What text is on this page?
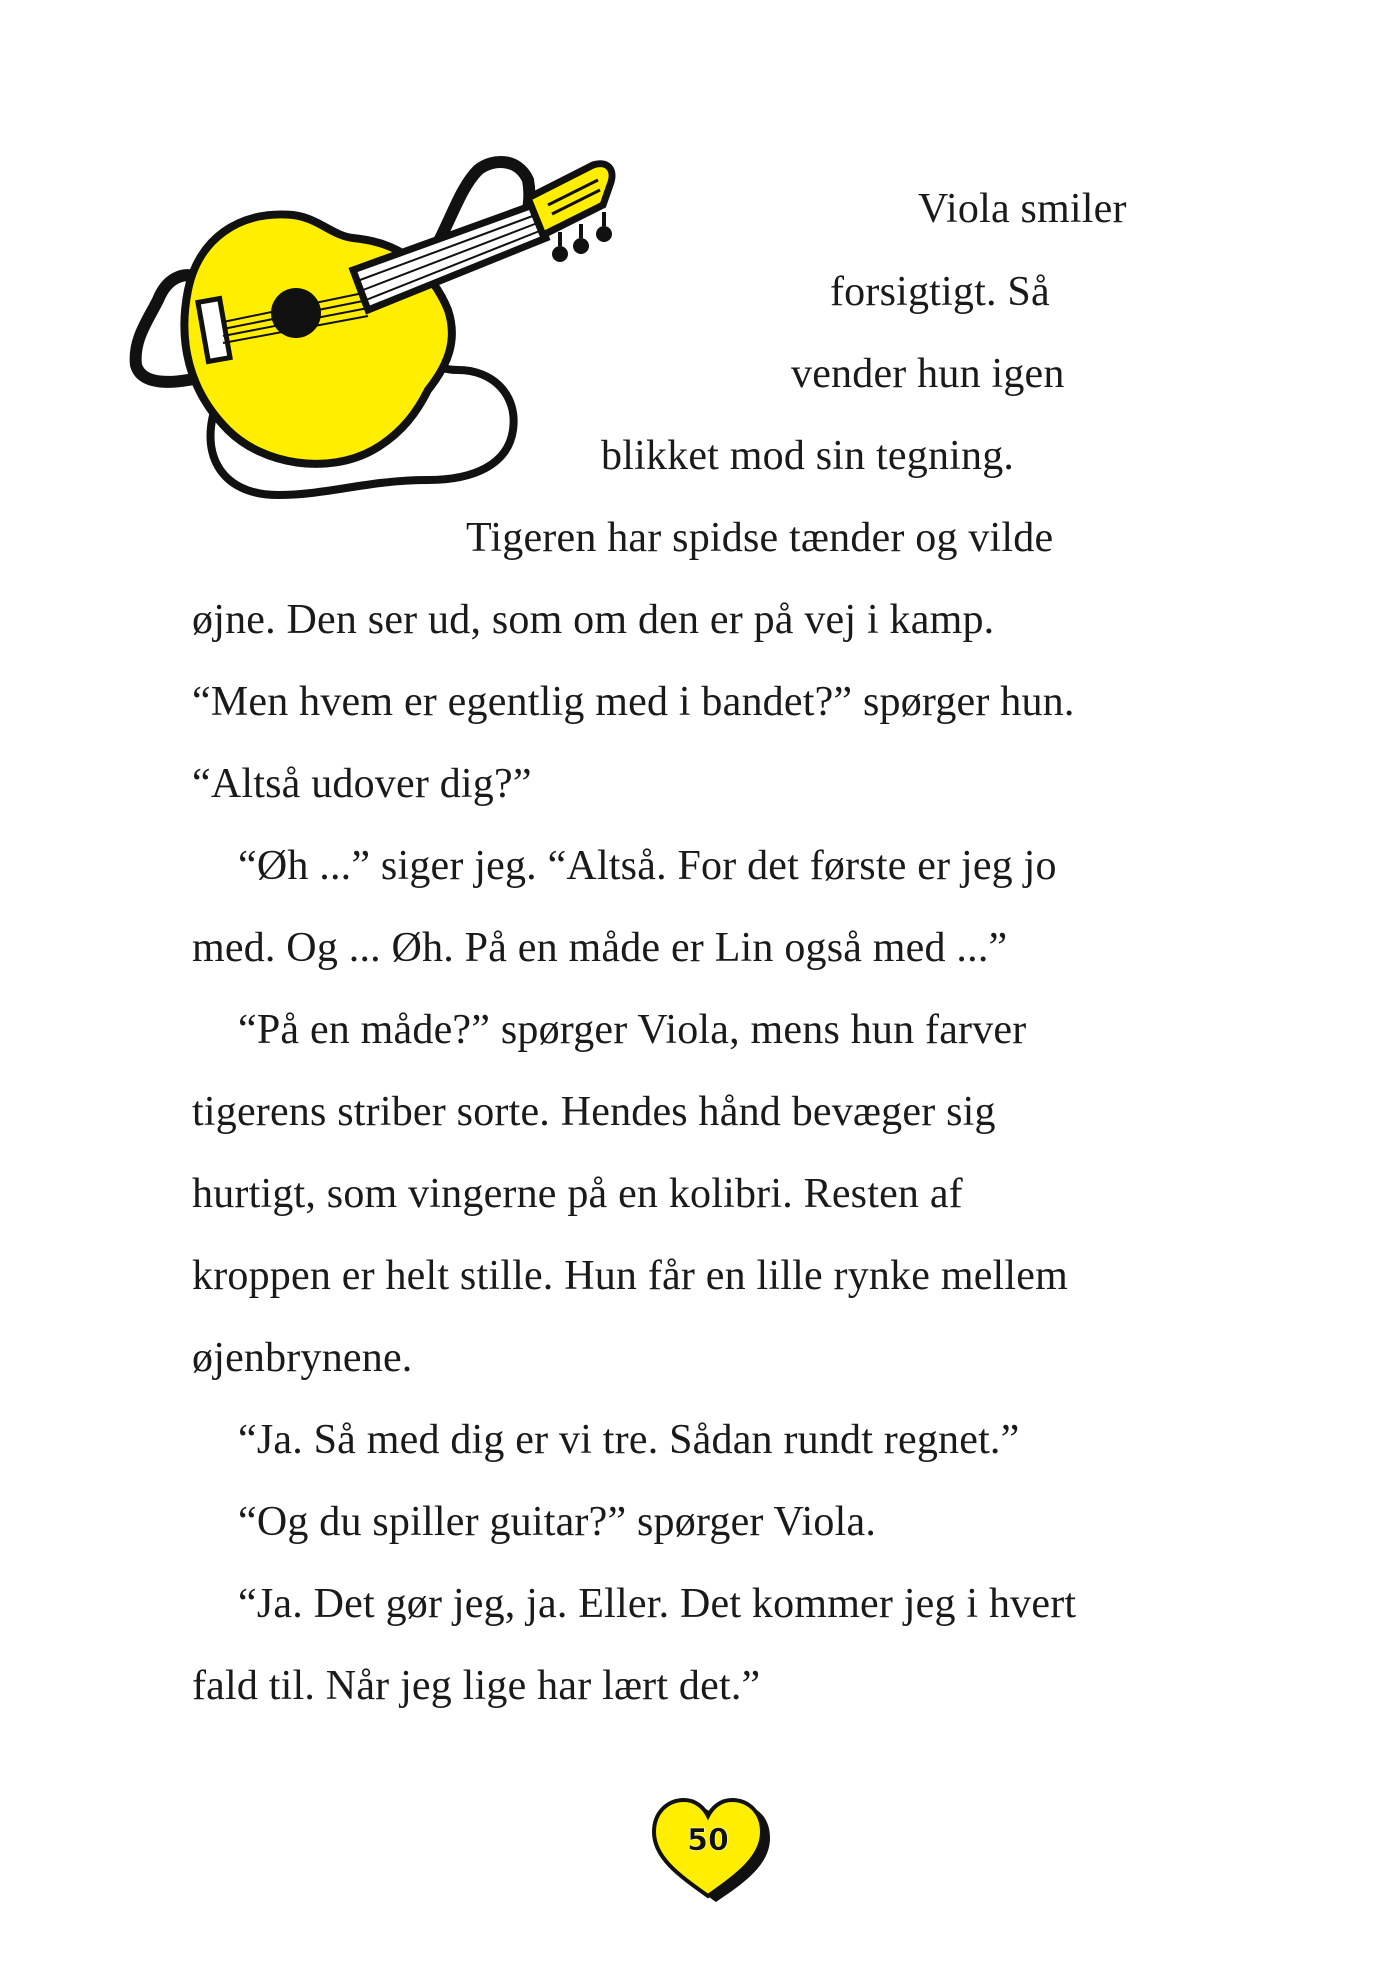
Viola smiler
forsigtigt. Så
vender hun igen
blikket mod sin tegning.
Tigeren har spidse tænder og vilde
øjne. Den ser ud, som om den er på vej i kamp.
“Men hvem er egentlig med i bandet?” spørger hun.
“Altså udover dig?”
“Øh ...” siger jeg. “Altså. For det første er jeg jo
med. Og ... Øh. På en måde er Lin også med ...”
“På en måde?” spørger Viola, mens hun farver
tigerens striber sorte. Hendes hånd bevæger sig
hurtigt, som vingerne på en kolibri. Resten af
kroppen er helt stille. Hun får en lille rynke mellem
øjenbrynene.
“Ja. Så med dig er vi tre. Sådan rundt regnet.”
“Og du spiller guitar?” spørger Viola.
“Ja. Det gør jeg, ja. Eller. Det kommer jeg i hvert
fald til. Når jeg lige har lært det.”
50
